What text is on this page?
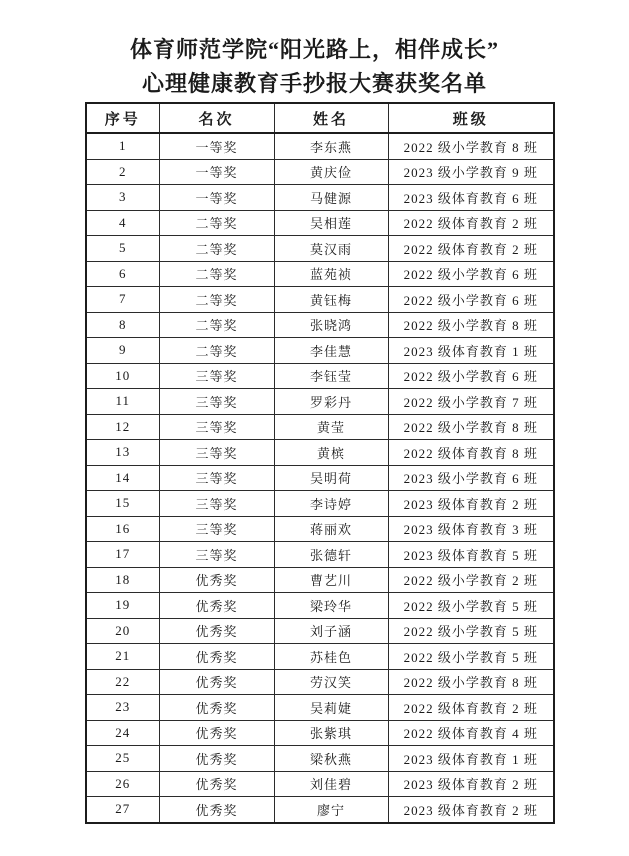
体育师范学院“阳光路上，相伴成长”
心理健康教育手抄报大赛获奖名单
序号	名次	姓名	班级
1	一等奖	李东燕	2022 级小学教育 8 班
2	一等奖	黄庆俭	2023 级小学教育 9 班
3	一等奖	马健源	2023 级体育教育 6 班
4	二等奖	吴相莲	2022 级体育教育 2 班
5	二等奖	莫汉雨	2022 级体育教育 2 班
6	二等奖	蓝苑祯	2022 级小学教育 6 班
7	二等奖	黄钰梅	2022 级小学教育 6 班
8	二等奖	张晓鸿	2022 级小学教育 8 班
9	二等奖	李佳慧	2023 级体育教育 1 班
10	三等奖	李钰莹	2022 级小学教育 6 班
11	三等奖	罗彩丹	2022 级小学教育 7 班
12	三等奖	黄莹	2022 级小学教育 8 班
13	三等奖	黄槟	2022 级体育教育 8 班
14	三等奖	吴明荷	2023 级小学教育 6 班
15	三等奖	李诗婷	2023 级体育教育 2 班
16	三等奖	蒋丽欢	2023 级体育教育 3 班
17	三等奖	张德轩	2023 级体育教育 5 班
18	优秀奖	曹艺川	2022 级小学教育 2 班
19	优秀奖	梁玲华	2022 级小学教育 5 班
20	优秀奖	刘子涵	2022 级小学教育 5 班
21	优秀奖	苏桂色	2022 级小学教育 5 班
22	优秀奖	劳汉笑	2022 级小学教育 8 班
23	优秀奖	吴莉婕	2022 级体育教育 2 班
24	优秀奖	张紫琪	2022 级体育教育 4 班
25	优秀奖	梁秋燕	2023 级体育教育 1 班
26	优秀奖	刘佳碧	2023 级体育教育 2 班
27	优秀奖	廖宁	2023 级体育教育 2 班
